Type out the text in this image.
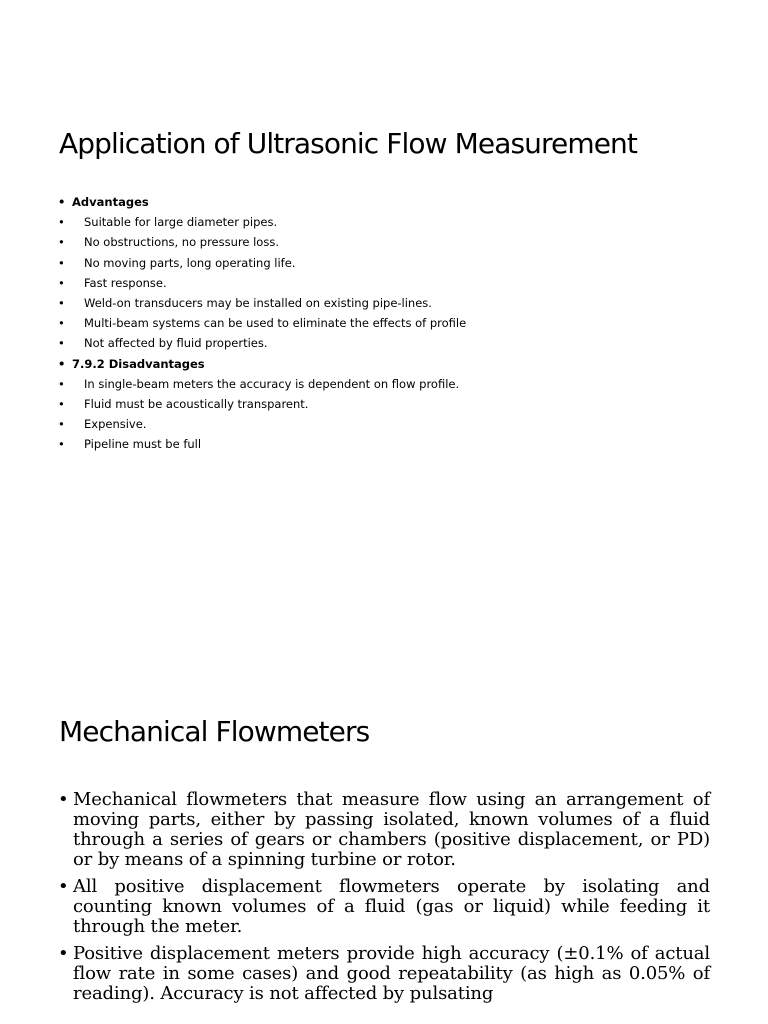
Application of Ultrasonic Flow Measurement
• Advantages
• Suitable for large diameter pipes.
• No obstructions, no pressure loss.
• No moving parts, long operating life.
• Fast response.
• Weld-on transducers may be installed on existing pipe-lines.
• Multi-beam systems can be used to eliminate the effects of profile
• Not affected by fluid properties.
• 7.9.2 Disadvantages
• In single-beam meters the accuracy is dependent on flow profile.
• Fluid must be acoustically transparent.
• Expensive.
• Pipeline must be full
Mechanical Flowmeters
• Mechanical flowmeters that measure flow using an arrangement of moving parts, either by passing isolated, known volumes of a fluid through a series of gears or chambers (positive displacement, or PD) or by means of a spinning turbine or rotor.
• All positive displacement flowmeters operate by isolating and counting known volumes of a fluid (gas or liquid) while feeding it through the meter.
• Positive displacement meters provide high accuracy (±0.1% of actual flow rate in some cases) and good repeatability (as high as 0.05% of reading). Accuracy is not affected by pulsating
